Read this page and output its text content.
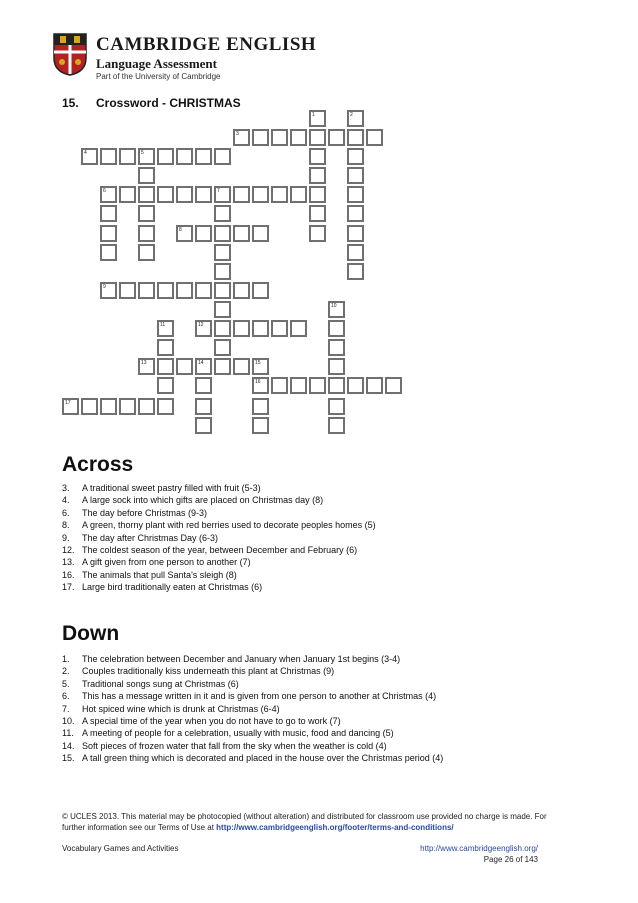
CAMBRIDGE ENGLISH
Language Assessment
Part of the University of Cambridge
15. Crossword - CHRISTMAS
3
4	5
6	7
8
9
12
13	14	15
16
17
1	2
10
11
Across
3. A traditional sweet pastry filled with fruit (5-3)
4. A large sock into which gifts are placed on Christmas day (8)
6. The day before Christmas (9-3)
8. A green, thorny plant with red berries used to decorate peoples homes (5)
9. The day after Christmas Day (6-3)
12. The coldest season of the year, between December and February (6)
13. A gift given from one person to another (7)
16. The animals that pull Santa's sleigh (8)
17. Large bird traditionally eaten at Christmas (6)
Down
1. The celebration between December and January when January 1st begins (3-4)
2. Couples traditionally kiss underneath this plant at Christmas (9)
5. Traditional songs sung at Christmas (6)
6. This has a message written in it and is given from one person to another at Christmas (4)
7. Hot spiced wine which is drunk at Christmas (6-4)
10. A special time of the year when you do not have to go to work (7)
11. A meeting of people for a celebration, usually with music, food and dancing (5)
14. Soft pieces of frozen water that fall from the sky when the weather is cold (4)
15. A tall green thing which is decorated and placed in the house over the Christmas period (4)
© UCLES 2013. This material may be photocopied (without alteration) and distributed for classroom use provided no charge is made. For
further information see our Terms of Use at http://www.cambridgeenglish.org/footer/terms-and-conditions/
Vocabulary Games and Activities	http://www.cambridgeenglish.org/
Page 26 of 143
